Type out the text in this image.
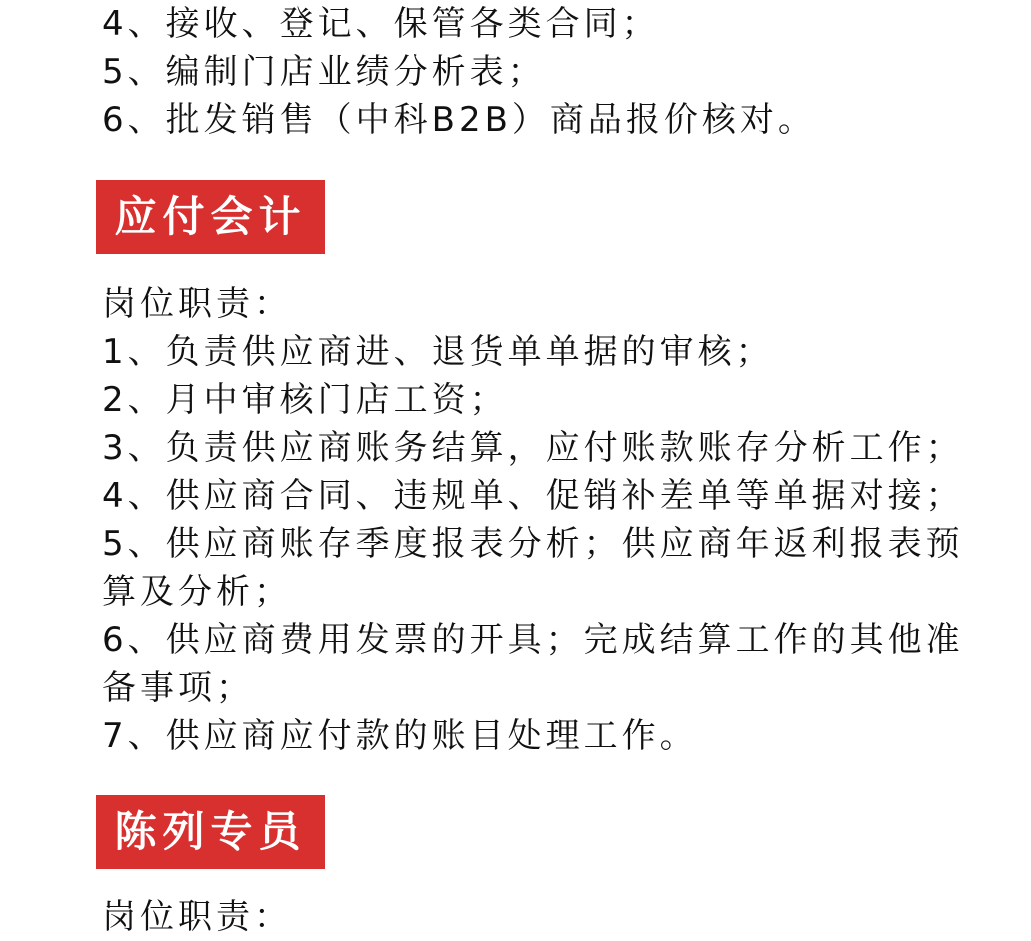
4、接收、登记、保管各类合同；
5、编制门店业绩分析表；
6、批发销售（中科B2B）商品报价核对。
应付会计
岗位职责：
1、负责供应商进、退货单单据的审核；
2、月中审核门店工资；
3、负责供应商账务结算，应付账款账存分析工作；
4、供应商合同、违规单、促销补差单等单据对接；
5、供应商账存季度报表分析；供应商年返利报表预
算及分析；
6、供应商费用发票的开具；完成结算工作的其他准
备事项；
7、供应商应付款的账目处理工作。
陈列专员
岗位职责：
